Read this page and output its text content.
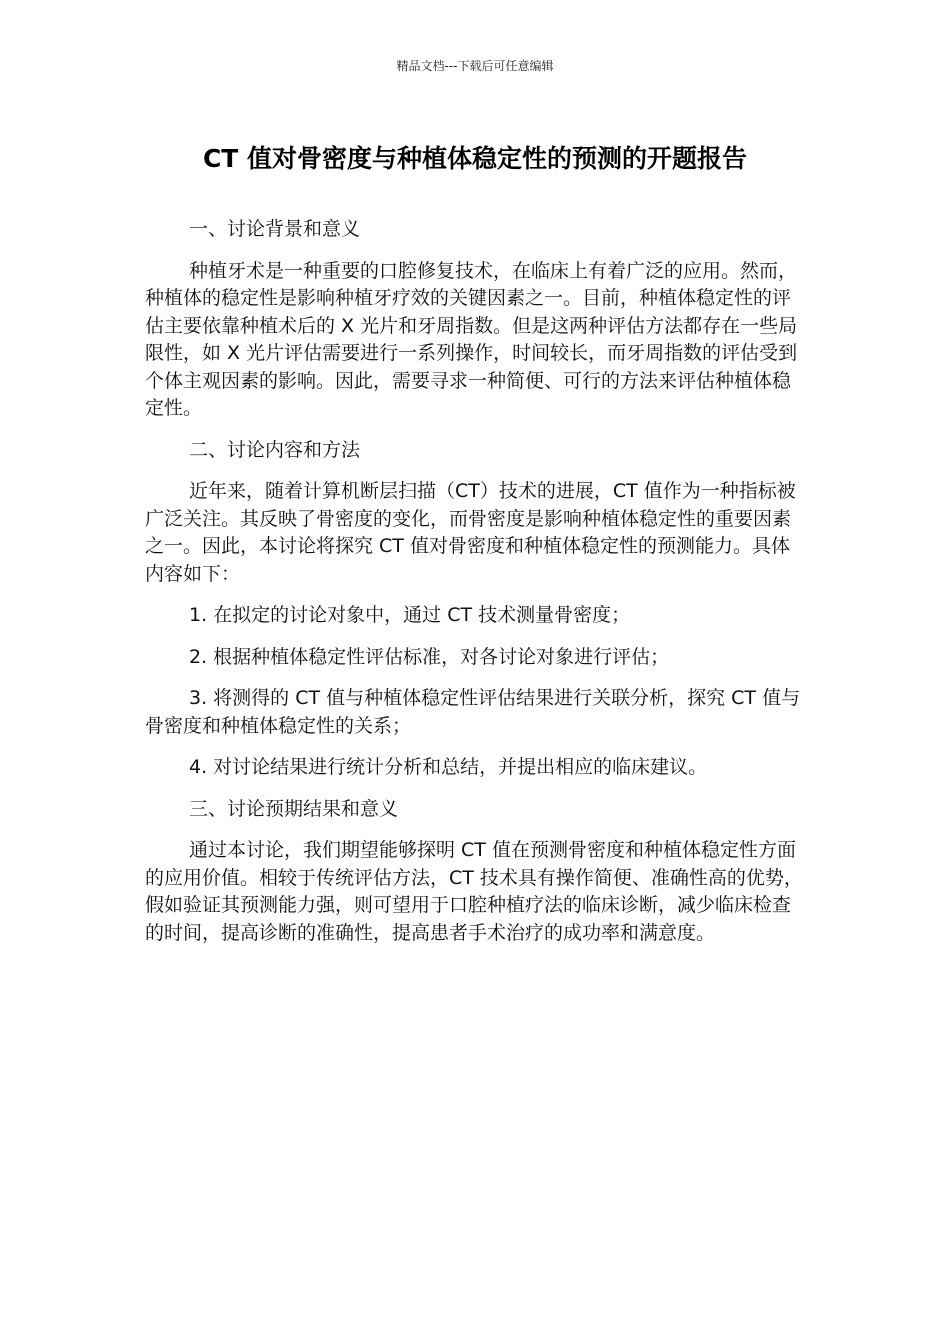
精品文档---下载后可任意编辑
CT 值对骨密度与种植体稳定性的预测的开题报告
一、讨论背景和意义
种植牙术是一种重要的口腔修复技术，在临床上有着广泛的应用。然而，种植体的稳定性是影响种植牙疗效的关键因素之一。目前，种植体稳定性的评估主要依靠种植术后的 X 光片和牙周指数。但是这两种评估方法都存在一些局限性，如 X 光片评估需要进行一系列操作，时间较长，而牙周指数的评估受到个体主观因素的影响。因此，需要寻求一种简便、可行的方法来评估种植体稳定性。
二、讨论内容和方法
近年来，随着计算机断层扫描（CT）技术的进展，CT 值作为一种指标被广泛关注。其反映了骨密度的变化，而骨密度是影响种植体稳定性的重要因素之一。因此，本讨论将探究 CT 值对骨密度和种植体稳定性的预测能力。具体内容如下：
1. 在拟定的讨论对象中，通过 CT 技术测量骨密度；
2. 根据种植体稳定性评估标准，对各讨论对象进行评估；
3. 将测得的 CT 值与种植体稳定性评估结果进行关联分析，探究 CT 值与骨密度和种植体稳定性的关系；
4. 对讨论结果进行统计分析和总结，并提出相应的临床建议。
三、讨论预期结果和意义
通过本讨论，我们期望能够探明 CT 值在预测骨密度和种植体稳定性方面的应用价值。相较于传统评估方法，CT 技术具有操作简便、准确性高的优势，假如验证其预测能力强，则可望用于口腔种植疗法的临床诊断，减少临床检查的时间，提高诊断的准确性，提高患者手术治疗的成功率和满意度。
